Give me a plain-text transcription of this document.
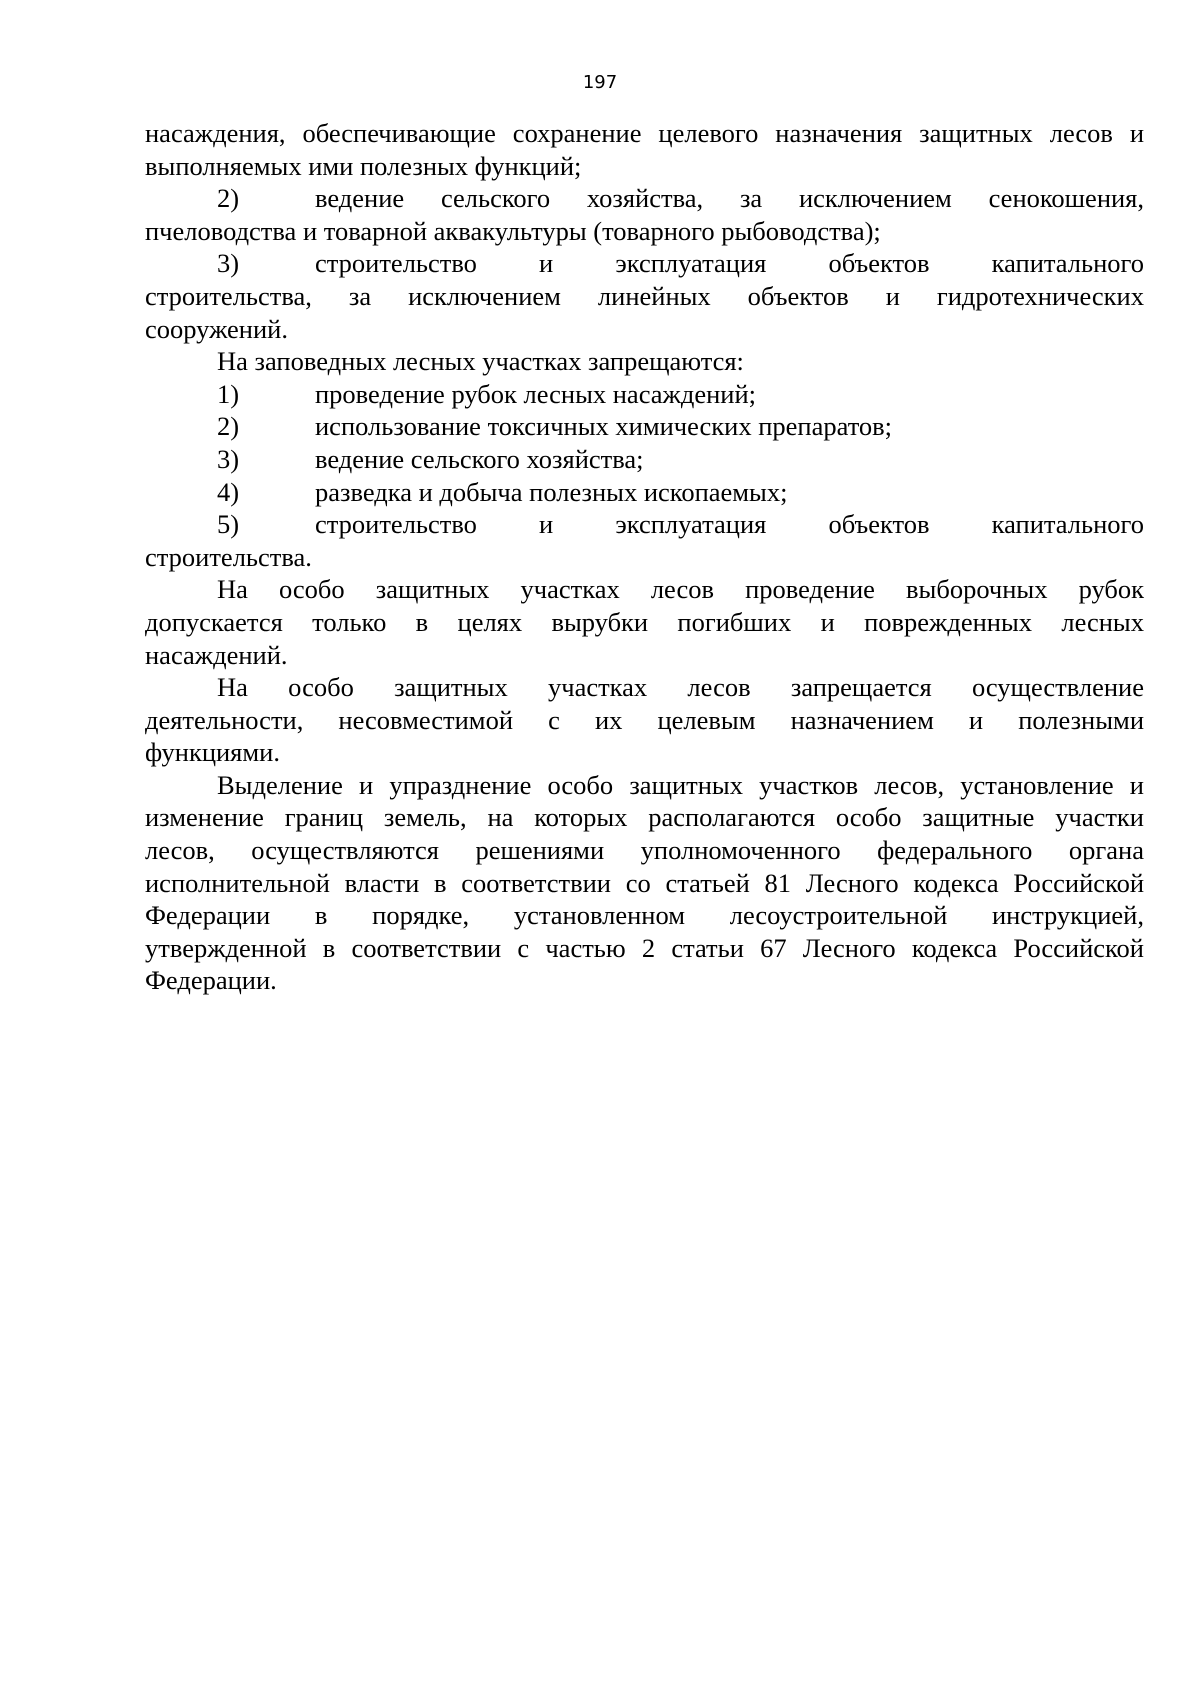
197
насаждения, обеспечивающие сохранение целевого назначения защитных лесов и
выполняемых ими полезных функций;
2)	ведение сельского хозяйства, за исключением сенокошения,
пчеловодства и товарной аквакультуры (товарного рыбоводства);
3)	строительство и эксплуатация объектов капитального
строительства, за исключением линейных объектов и гидротехнических
сооружений.
На заповедных лесных участках запрещаются:
1)	проведение рубок лесных насаждений;
2)	использование токсичных химических препаратов;
3)	ведение сельского хозяйства;
4)	разведка и добыча полезных ископаемых;
5)	строительство и эксплуатация объектов капитального
строительства.
На особо защитных участках лесов проведение выборочных рубок
допускается только в целях вырубки погибших и поврежденных лесных
насаждений.
На особо защитных участках лесов запрещается осуществление
деятельности, несовместимой с их целевым назначением и полезными
функциями.
Выделение и упразднение особо защитных участков лесов, установление и
изменение границ земель, на которых располагаются особо защитные участки
лесов, осуществляются решениями уполномоченного федерального органа
исполнительной власти в соответствии со статьей 81 Лесного кодекса Российской
Федерации в порядке, установленном лесоустроительной инструкцией,
утвержденной в соответствии с частью 2 статьи 67 Лесного кодекса Российской
Федерации.
